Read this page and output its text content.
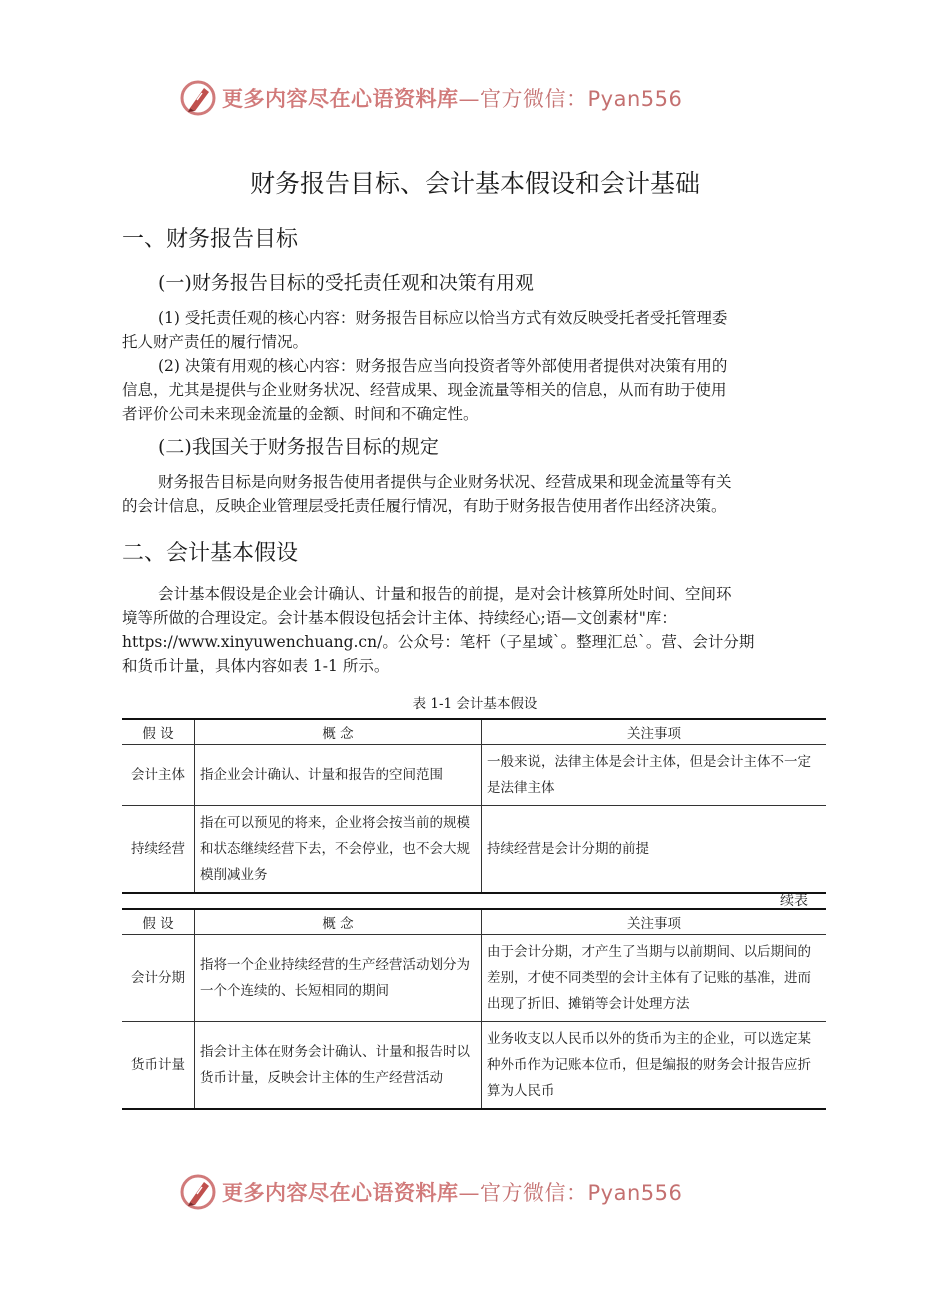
更多内容尽在心语资料库—官方微信：Pyan556
财务报告目标、会计基本假设和会计基础
一、财务报告目标
(一)财务报告目标的受托责任观和决策有用观
(1) 受托责任观的核心内容：财务报告目标应以恰当方式有效反映受托者受托管理委
托人财产责任的履行情况。
(2) 决策有用观的核心内容：财务报告应当向投资者等外部使用者提供对决策有用的
信息，尤其是提供与企业财务状况、经营成果、现金流量等相关的信息，从而有助于使用
者评价公司未来现金流量的金额、时间和不确定性。
(二)我国关于财务报告目标的规定
财务报告目标是向财务报告使用者提供与企业财务状况、经营成果和现金流量等有关
的会计信息，反映企业管理层受托责任履行情况，有助于财务报告使用者作出经济决策。
二、会计基本假设
会计基本假设是企业会计确认、计量和报告的前提，是对会计核算所处时间、空间环
境等所做的合理设定。会计基本假设包括会计主体、持续经心;语—文创素材"库：
https://www.xinyuwenchuang.cn/。公众号：笔杆（子星域`。整理汇总`。营、会计分期
和货币计量，具体内容如表 1-1 所示。
表 1-1 会计基本假设
假 设	概 念	关注事项
会计主体	指企业会计确认、计量和报告的空间范围	一般来说，法律主体是会计主体，但是会计主体不一定是法律主体
持续经营	指在可以预见的将来，企业将会按当前的规模和状态继续经营下去，不会停业，也不会大规模削减业务	持续经营是会计分期的前提
续表
假 设	概 念	关注事项
会计分期	指将一个企业持续经营的生产经营活动划分为一个个连续的、长短相同的期间	由于会计分期，才产生了当期与以前期间、以后期间的差别，才使不同类型的会计主体有了记账的基准，进而出现了折旧、摊销等会计处理方法
货币计量	指会计主体在财务会计确认、计量和报告时以货币计量，反映会计主体的生产经营活动	业务收支以人民币以外的货币为主的企业，可以选定某种外币作为记账本位币，但是编报的财务会计报告应折算为人民币
更多内容尽在心语资料库—官方微信：Pyan556
